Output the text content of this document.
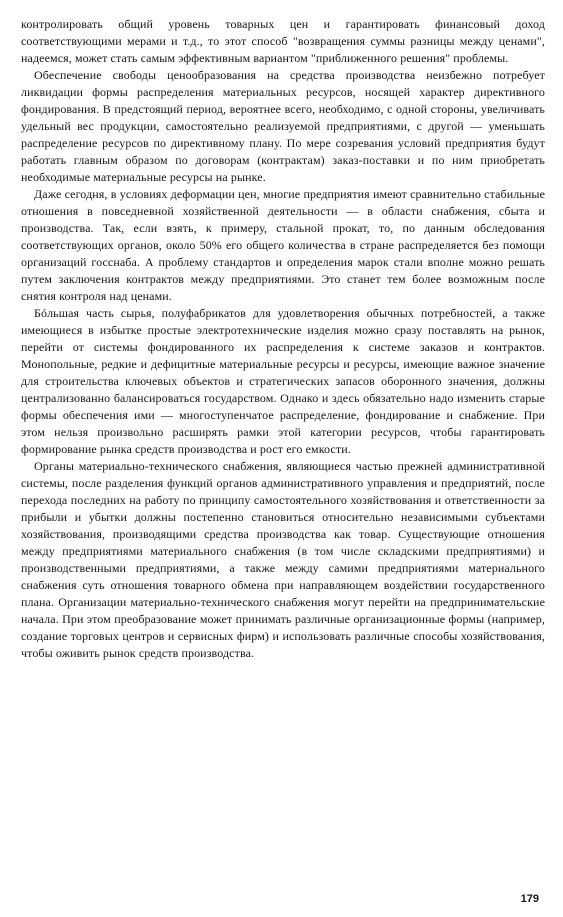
контролировать общий уровень товарных цен и гарантировать финансовый доход соответствующими мерами и т.д., то этот способ "возвращения суммы разницы между ценами", надеемся, может стать самым эффективным вариантом "приближенного решения" проблемы.

Обеспечение свободы ценообразования на средства производства неизбежно потребует ликвидации формы распределения материальных ресурсов, носящей характер директивного фондирования. В предстоящий период, вероятнее всего, необходимо, с одной стороны, увеличивать удельный вес продукции, самостоятельно реализуемой предприятиями, с другой — уменьшать распределение ресурсов по директивному плану. По мере созревания условий предприятия будут работать главным образом по договорам (контрактам) заказ-поставки и по ним приобретать необходимые материальные ресурсы на рынке.

Даже сегодня, в условиях деформации цен, многие предприятия имеют сравнительно стабильные отношения в повседневной хозяйственной деятельности — в области снабжения, сбыта и производства. Так, если взять, к примеру, стальной прокат, то, по данным обследования соответствующих органов, около 50% его общего количества в стране распределяется без помощи организаций госснаба. А проблему стандартов и определения марок стали вполне можно решать путем заключения контрактов между предприятиями. Это станет тем более возможным после снятия контроля над ценами.

Бóльшая часть сырья, полуфабрикатов для удовлетворения обычных потребностей, а также имеющиеся в избытке простые электротехнические изделия можно сразу поставлять на рынок, перейти от системы фондированного их распределения к системе заказов и контрактов. Монопольные, редкие и дефицитные материальные ресурсы и ресурсы, имеющие важное значение для строительства ключевых объектов и стратегических запасов оборонного значения, должны централизованно балансироваться государством. Однако и здесь обязательно надо изменить старые формы обеспечения ими — многоступенчатое распределение, фондирование и снабжение. При этом нельзя произвольно расширять рамки этой категории ресурсов, чтобы гарантировать формирование рынка средств производства и рост его емкости.

Органы материально-технического снабжения, являющиеся частью прежней административной системы, после разделения функций органов административного управления и предприятий, после перехода последних на работу по принципу самостоятельного хозяйствования и ответственности за прибыли и убытки должны постепенно становиться относительно независимыми субъектами хозяйствования, производящими средства производства как товар. Существующие отношения между предприятиями материального снабжения (в том числе складскими предприятиями) и производственными предприятиями, а также между самими предприятиями материального снабжения суть отношения товарного обмена при направляющем воздействии государственного плана. Организации материально-технического снабжения могут перейти на предпринимательские начала. При этом преобразование может принимать различные организационные формы (например, создание торговых центров и сервисных фирм) и использовать различные способы хозяйствования, чтобы оживить рынок средств производства.

179
